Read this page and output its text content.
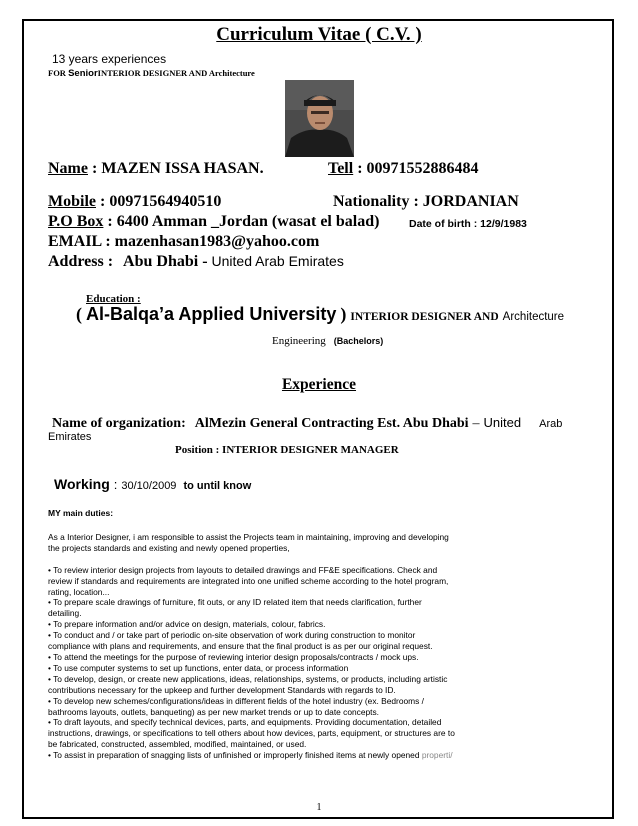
Curriculum Vitae ( C.V. )
13 years experiences
FOR SeniorINTERIOR DESIGNER AND Architecture
Name : MAZEN ISSA HASAN.	Tell : 00971552886484
Mobile : 00971564940510	Nationality : JORDANIAN
P.O Box : 6400 Amman _Jordan (wasat el balad)	Date of birth : 12/9/1983
EMAIL : mazenhasan1983@yahoo.com
Address : Abu Dhabi - United Arab Emirates
Education :
( Al-Balqa’a Applied University ) INTERIOR DESIGNER AND Architecture
Engineering (Bachelors)
Experience
Name of organization: AlMezin General Contracting Est. Abu Dhabi – United Arab
Emirates
Position : INTERIOR DESIGNER MANAGER
Working : 30/10/2009 to until know
MY main duties:

As a Interior Designer, i am responsible to assist the Projects team in maintaining, improving and developing

the projects standards and existing and newly opened properties,

• To review interior design projects from layouts to detailed drawings and FF&E specifications. Check and

review if standards and requirements are integrated into one unified scheme according to the hotel program,

rating, location...

• To prepare scale drawings of furniture, fit outs, or any ID related item that needs clarification, further

detailing.

• To prepare information and/or advice on design, materials, colour, fabrics.

• To conduct and / or take part of periodic on-site observation of work during construction to monitor

compliance with plans and requirements, and ensure that the final product is as per our original request.

• To attend the meetings for the purpose of reviewing interior design proposals/contracts / mock ups.

• To use computer systems to set up functions, enter data, or process information

• To develop, design, or create new applications, ideas, relationships, systems, or products, including artistic

contributions necessary for the upkeep and further development Standards with regards to ID.

• To develop new schemes/configurations/ideas in different fields of the hotel industry (ex. Bedrooms /

bathrooms layouts, outlets, banqueting) as per new market trends or up to date concepts.

• To draft layouts, and specify technical devices, parts, and equipments. Providing documentation, detailed

instructions, drawings, or specifications to tell others about how devices, parts, equipment, or structures are to

be fabricated, constructed, assembled, modified, maintained, or used.

• To assist in preparation of snagging lists of unfinished or improperly finished items at newly opened properti/

1
